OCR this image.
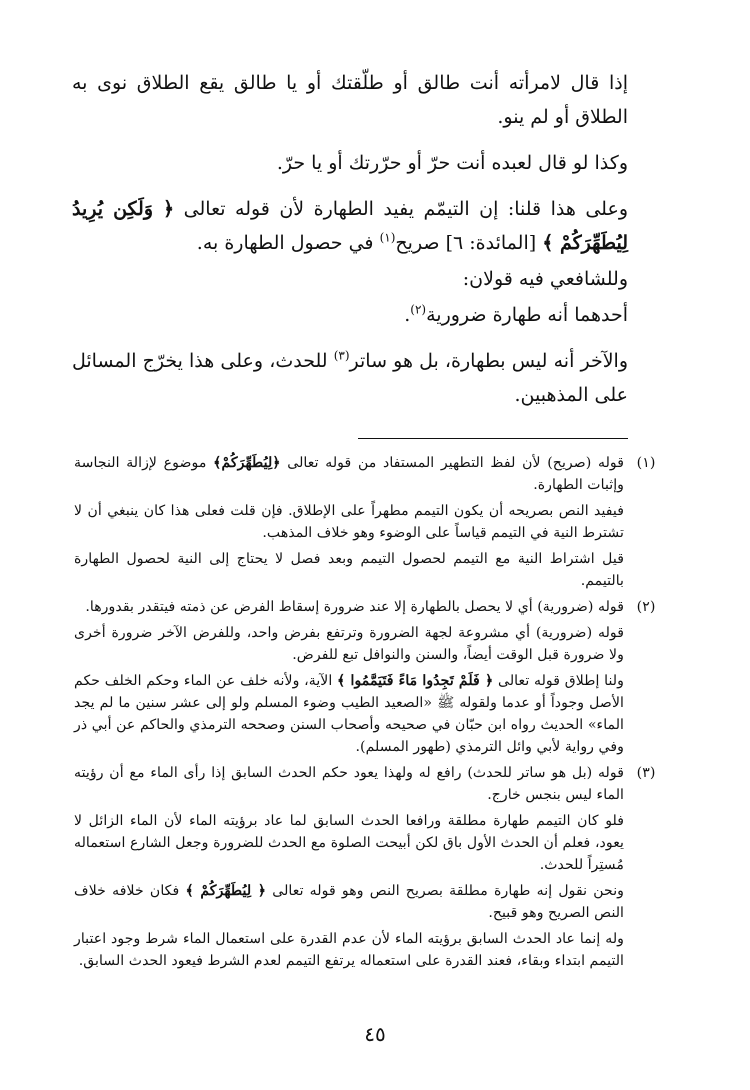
إذا قال لامرأته أنت طالق أو طلّقتك أو يا طالق يقع الطلاق نوى به الطلاق أو لم ينو.

وكذا لو قال لعبده أنت حرّ أو حرّرتك أو يا حرّ.

وعلى هذا قلنا: إن التيمّم يفيد الطهارة لأن قوله تعالى ﴿ وَلَكِن يُرِيدُ لِيُطَهِّرَكُمْ ﴾ [المائدة: ٦] صريح$^{(١)}$ في حصول الطهارة به.

وللشافعي فيه قولان:

أحدهما أنه طهارة ضرورية$^{(٢)}$.

والآخر أنه ليس بطهارة، بل هو ساتر$^{(٣)}$ للحدث، وعلى هذا يخرّج المسائل على المذهبين.

(١)

قوله (صريح) لأن لفظ التطهير المستفاد من قوله تعالى ﴿لِيُطَهِّرَكُمْ﴾ موضوع لإزالة النجاسة وإثبات الطهارة.

فيفيد النص بصريحه أن يكون التيمم مطهراً على الإطلاق. فإن قلت فعلى هذا كان ينبغي أن لا تشترط النية في التيمم قياساً على الوضوء وهو خلاف المذهب.

قيل اشتراط النية مع التيمم لحصول التيمم وبعد فصل لا يحتاج إلى النية لحصول الطهارة بالتيمم.

(٢)

قوله (ضرورية) أي لا يحصل بالطهارة إلا عند ضرورة إسقاط الفرض عن ذمته فيتقدر بقدورها.

قوله (ضرورية) أي مشروعة لجهة الضرورة وترتفع بفرض واحد، وللفرض الآخر ضرورة أخرى ولا ضرورة قبل الوقت أيضاً، والسنن والنوافل تبع للفرض.

ولنا إطلاق قوله تعالى ﴿ فَلَمْ تَجِدُوا مَاءً فَتَيَمَّمُوا ﴾ الآية، ولأنه خلف عن الماء وحكم الخلف حكم الأصل وجوداً أو عدما ولقوله ﷺ «الصعيد الطيب وضوء المسلم ولو إلى عشر سنين ما لم يجد الماء» الحديث رواه ابن حبّان في صحيحه وأصحاب السنن وصححه الترمذي والحاكم عن أبي ذر وفي رواية لأبي وائل الترمذي (طهور المسلم).

(٣)

قوله (بل هو ساتر للحدث) رافع له ولهذا يعود حكم الحدث السابق إذا رأى الماء مع أن رؤيته الماء ليس بنجس خارج.

فلو كان التيمم طهارة مطلقة ورافعا الحدث السابق لما عاد برؤيته الماء لأن الماء الزائل لا يعود، فعلم أن الحدث الأول باق لكن أبيحت الصلوة مع الحدث للضرورة وجعل الشارع استعماله مُستِراً للحدث.

ونحن نقول إنه طهارة مطلقة بصريح النص وهو قوله تعالى ﴿ لِيُطَهِّرَكُمْ ﴾ فكان خلافه خلاف النص الصريح وهو قبيح.

وله إنما عاد الحدث السابق برؤيته الماء لأن عدم القدرة على استعمال الماء شرط وجود اعتبار التيمم ابتداء وبقاء، فعند القدرة على استعماله يرتفع التيمم لعدم الشرط فيعود الحدث السابق.

٤٥
